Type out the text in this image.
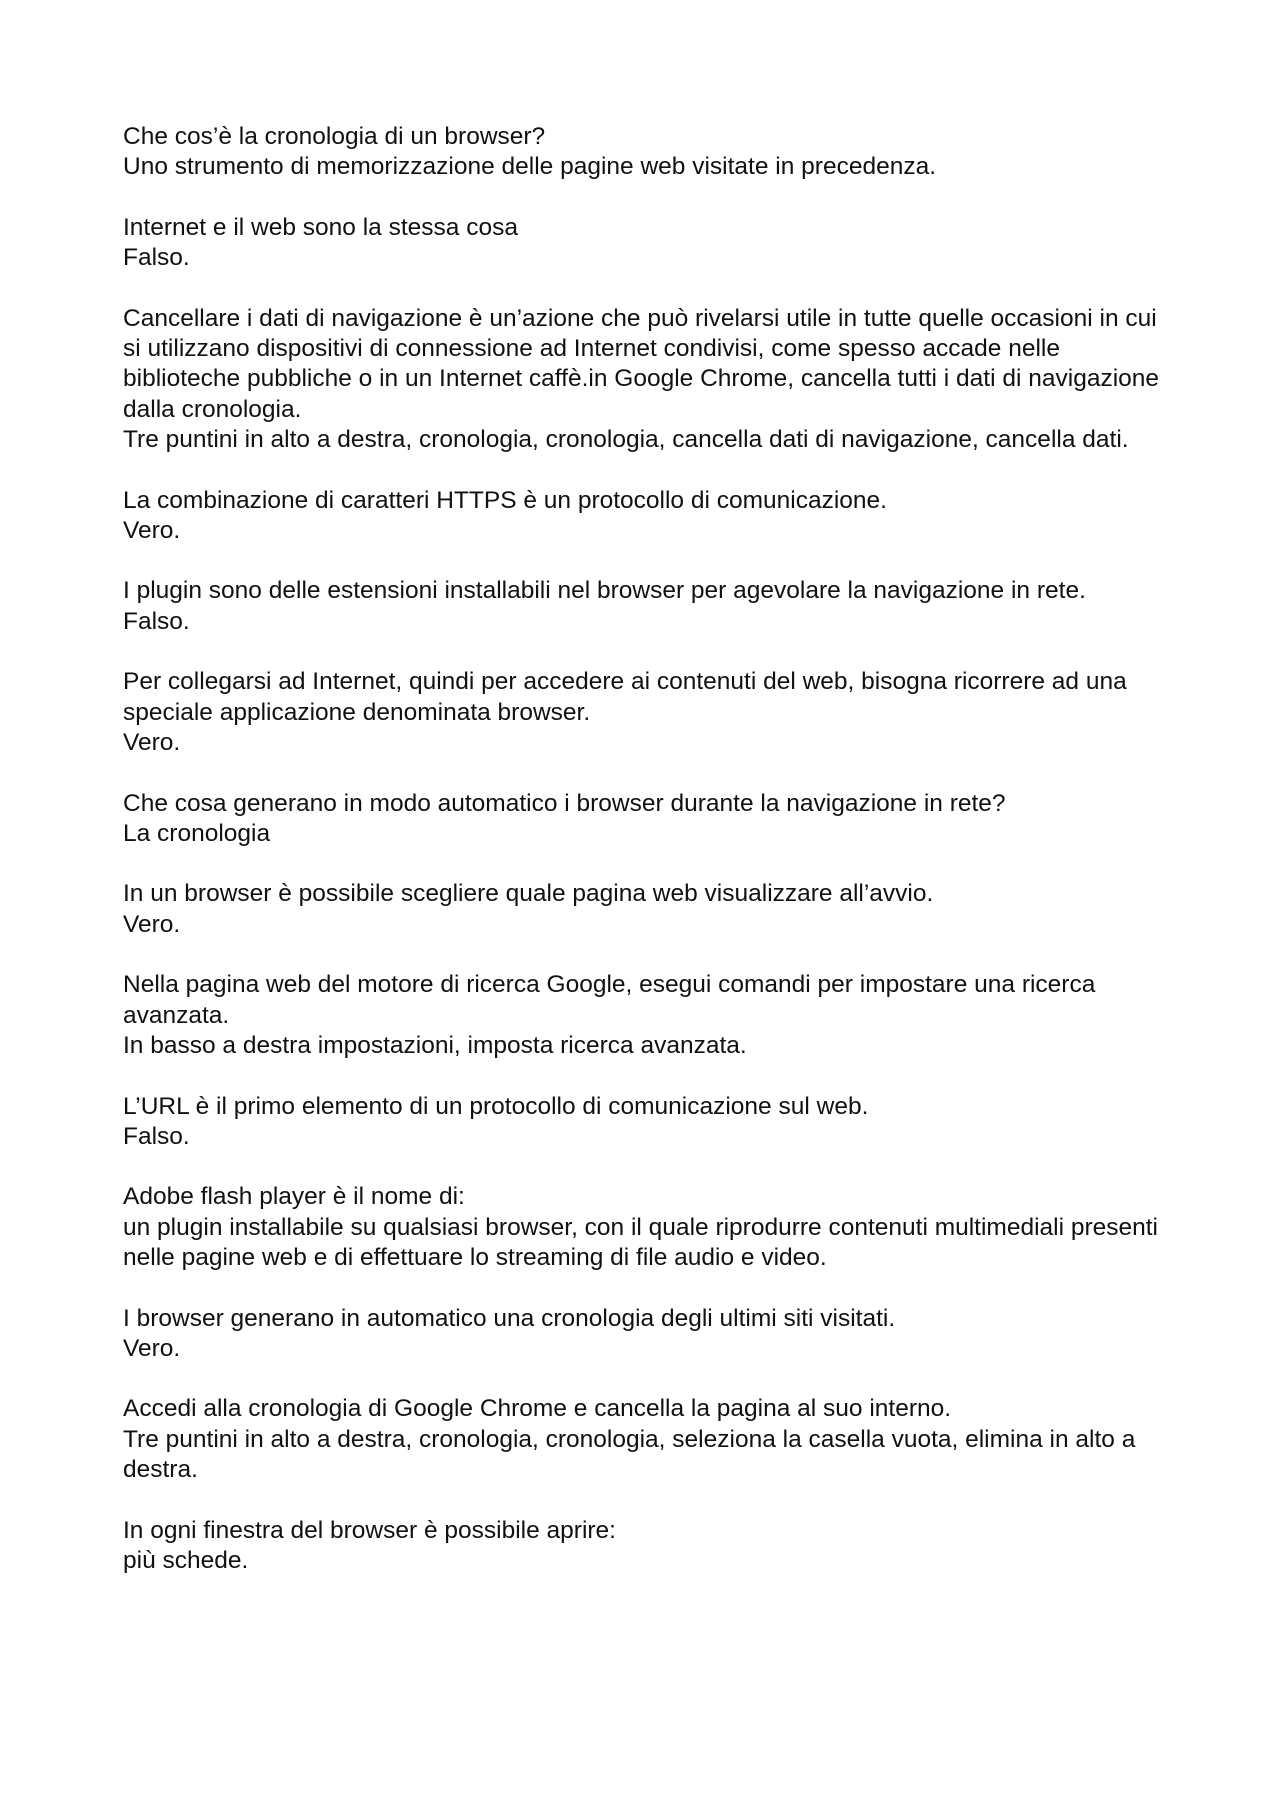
Che cos’è la cronologia di un browser?
Uno strumento di memorizzazione delle pagine web visitate in precedenza.
Internet e il web sono la stessa cosa
Falso.
Cancellare i dati di navigazione è un’azione che può rivelarsi utile in tutte quelle occasioni in cui si utilizzano dispositivi di connessione ad Internet condivisi, come spesso accade nelle biblioteche pubbliche o in un Internet caffè.in Google Chrome, cancella tutti i dati di navigazione dalla cronologia.
Tre puntini in alto a destra, cronologia, cronologia, cancella dati di navigazione, cancella dati.
La combinazione di caratteri HTTPS è un protocollo di comunicazione.
Vero.
I plugin sono delle estensioni installabili nel browser per agevolare la navigazione in rete.
Falso.
Per collegarsi ad Internet, quindi per accedere ai contenuti del web, bisogna ricorrere ad una speciale applicazione denominata browser.
Vero.
Che cosa generano in modo automatico i browser durante la navigazione in rete?
La cronologia
In un browser è possibile scegliere quale pagina web visualizzare all’avvio.
Vero.
Nella pagina web del motore di ricerca Google, esegui comandi per impostare una ricerca avanzata.
In basso a destra impostazioni, imposta ricerca avanzata.
L’URL è il primo elemento di un protocollo di comunicazione sul web.
Falso.
Adobe flash player è il nome di:
un plugin installabile su qualsiasi browser, con il quale riprodurre contenuti multimediali presenti nelle pagine web e di effettuare lo streaming di file audio e video.
I browser generano in automatico una cronologia degli ultimi siti visitati.
Vero.
Accedi alla cronologia di Google Chrome e cancella la pagina al suo interno.
Tre puntini in alto a destra, cronologia, cronologia, seleziona la casella vuota, elimina in alto a destra.
In ogni finestra del browser è possibile aprire:
più schede.
